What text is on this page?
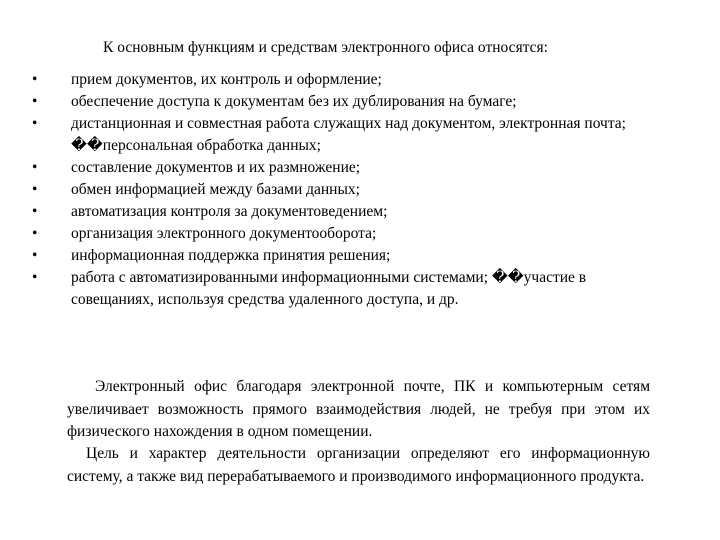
К основным функциям и средствам электронного офиса относятся:

• прием документов, их контроль и оформление;
• обеспечение доступа к документам без их дублирования на бумаге;
• дистанционная и совместная работа служащих над документом, электронная почта; ��персональная обработка данных;
• составление документов и их размножение;
• обмен информацией между базами данных;
• автоматизация контроля за документоведением;
• организация электронного документооборота;
• информационная поддержка принятия решения;
• работа с автоматизированными информационными системами; ��участие в совещаниях, используя средства удаленного доступа, и др.

Электронный офис благодаря электронной почте, ПК и компьютерным сетям увеличивает возможность прямого взаимодействия людей, не требуя при этом их физического нахождения в одном помещении.

Цель и характер деятельности организации определяют его информационную систему, а также вид перерабатываемого и производимого информационного продукта.
